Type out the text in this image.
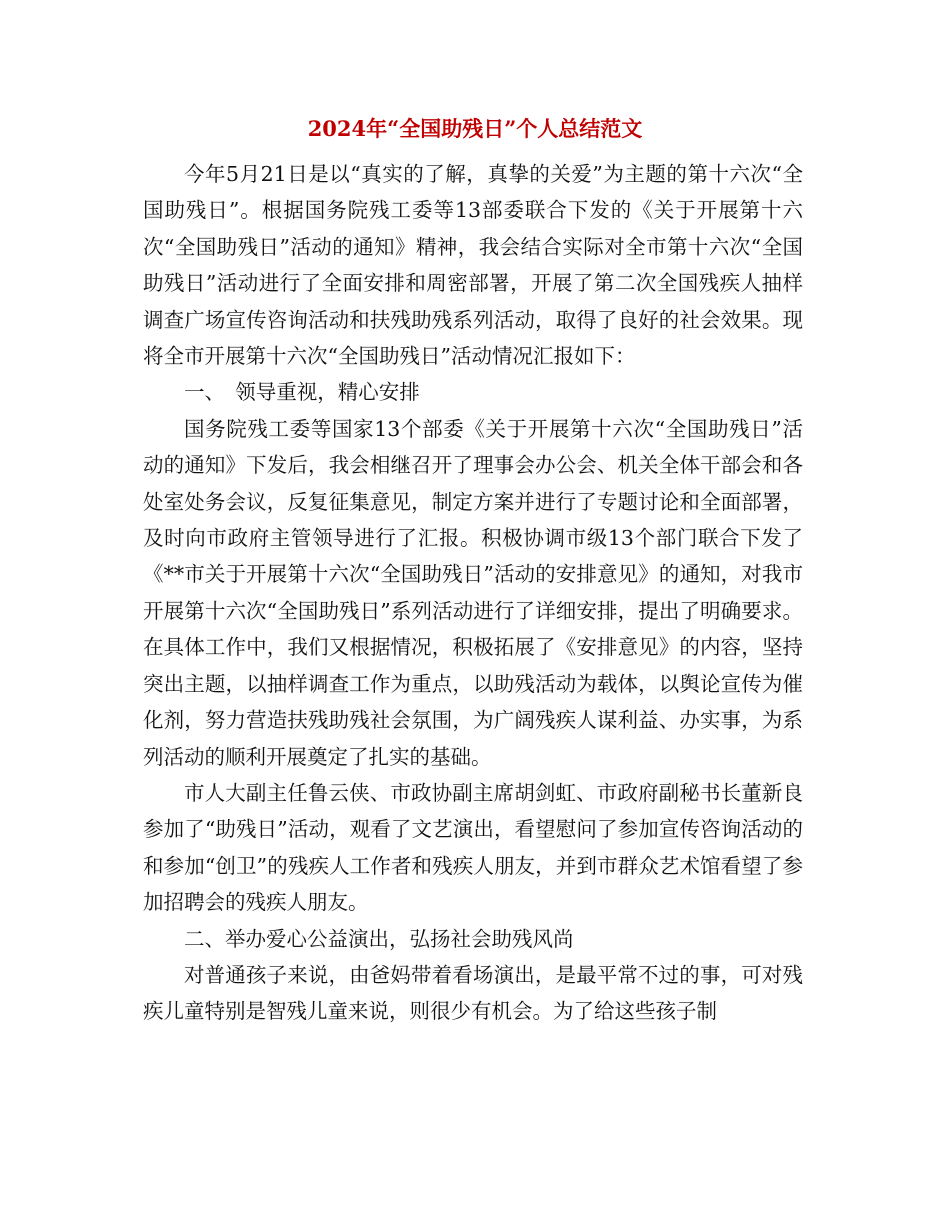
2024年“全国助残日”个人总结范文

今年5月21日是以“真实的了解，真挚的关爱”为主题的第十六次“全国助残日”。根据国务院残工委等13部委联合下发的《关于开展第十六次“全国助残日”活动的通知》精神，我会结合实际对全市第十六次“全国助残日”活动进行了全面安排和周密部署，开展了第二次全国残疾人抽样调查广场宣传咨询活动和扶残助残系列活动，取得了良好的社会效果。现将全市开展第十六次“全国助残日”活动情况汇报如下：

一、　领导重视，精心安排

国务院残工委等国家13个部委《关于开展第十六次“全国助残日”活动的通知》下发后，我会相继召开了理事会办公会、机关全体干部会和各处室处务会议，反复征集意见，制定方案并进行了专题讨论和全面部署，及时向市政府主管领导进行了汇报。积极协调市级13个部门联合下发了《**市关于开展第十六次“全国助残日”活动的安排意见》的通知，对我市开展第十六次“全国助残日”系列活动进行了详细安排，提出了明确要求。在具体工作中，我们又根据情况，积极拓展了《安排意见》的内容，坚持突出主题，以抽样调查工作为重点，以助残活动为载体，以舆论宣传为催化剂，努力营造扶残助残社会氛围，为广阔残疾人谋利益、办实事，为系列活动的顺利开展奠定了扎实的基础。

市人大副主任鲁云侠、市政协副主席胡剑虹、市政府副秘书长董新良参加了“助残日”活动，观看了文艺演出，看望慰问了参加宣传咨询活动的和参加“创卫”的残疾人工作者和残疾人朋友，并到市群众艺术馆看望了参加招聘会的残疾人朋友。

二、举办爱心公益演出，弘扬社会助残风尚

对普通孩子来说，由爸妈带着看场演出，是最平常不过的事，可对残疾儿童特别是智残儿童来说，则很少有机会。为了给这些孩子制
